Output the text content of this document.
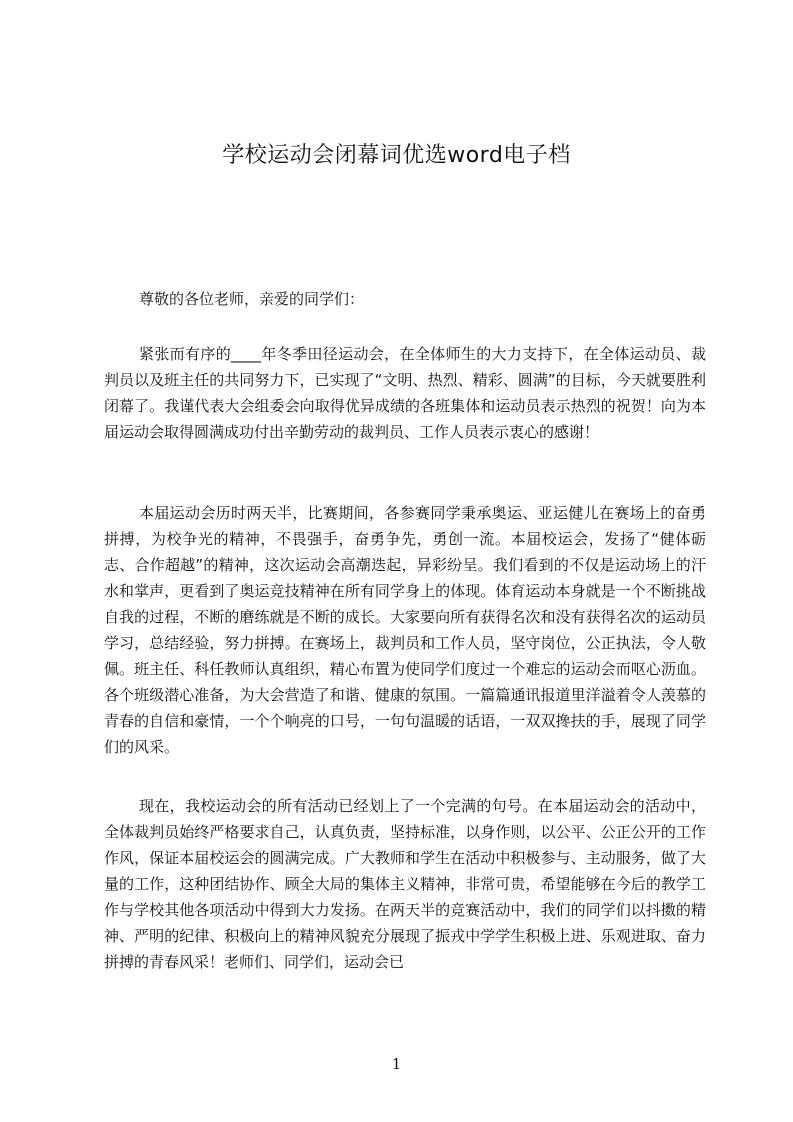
学校运动会闭幕词优选word电子档

尊敬的各位老师，亲爱的同学们：

紧张而有序的____年冬季田径运动会，在全体师生的大力支持下，在全体运动员、裁判员以及班主任的共同努力下，已实现了“文明、热烈、精彩、圆满”的目标，今天就要胜利闭幕了。我谨代表大会组委会向取得优异成绩的各班集体和运动员表示热烈的祝贺！向为本届运动会取得圆满成功付出辛勤劳动的裁判员、工作人员表示衷心的感谢！

本届运动会历时两天半，比赛期间，各参赛同学秉承奥运、亚运健儿在赛场上的奋勇拼搏，为校争光的精神，不畏强手，奋勇争先，勇创一流。本届校运会，发扬了“健体砺志、合作超越”的精神，这次运动会高潮迭起，异彩纷呈。我们看到的不仅是运动场上的汗水和掌声，更看到了奥运竞技精神在所有同学身上的体现。体育运动本身就是一个不断挑战自我的过程，不断的磨练就是不断的成长。大家要向所有获得名次和没有获得名次的运动员学习，总结经验，努力拼搏。在赛场上，裁判员和工作人员，坚守岗位，公正执法，令人敬佩。班主任、科任教师认真组织，精心布置为使同学们度过一个难忘的运动会而呕心沥血。各个班级潜心准备，为大会营造了和谐、健康的氛围。一篇篇通讯报道里洋溢着令人羡慕的青春的自信和豪情，一个个响亮的口号，一句句温暖的话语，一双双搀扶的手，展现了同学们的风采。

现在，我校运动会的所有活动已经划上了一个完满的句号。在本届运动会的活动中，全体裁判员始终严格要求自己，认真负责，坚持标准，以身作则，以公平、公正公开的工作作风，保证本届校运会的圆满完成。广大教师和学生在活动中积极参与、主动服务，做了大量的工作，这种团结协作、顾全大局的集体主义精神，非常可贵，希望能够在今后的教学工作与学校其他各项活动中得到大力发扬。在两天半的竞赛活动中，我们的同学们以抖擞的精神、严明的纪律、积极向上的精神风貌充分展现了振戎中学学生积极上进、乐观进取、奋力拼搏的青春风采！老师们、同学们，运动会已

1
